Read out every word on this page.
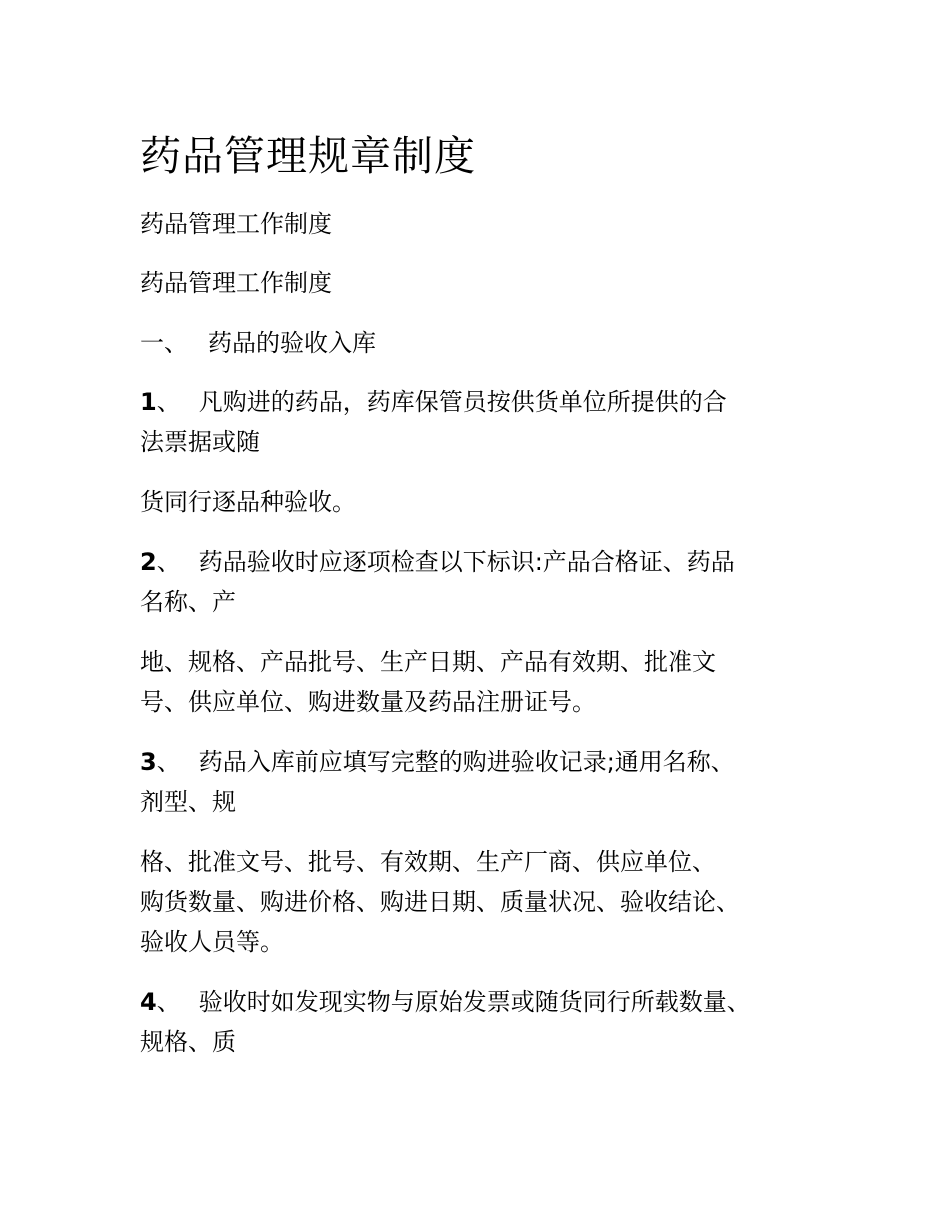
药品管理规章制度
药品管理工作制度
药品管理工作制度
一、 药品的验收入库
1、 凡购进的药品，药库保管员按供货单位所提供的合
法票据或随
货同行逐品种验收。
2、 药品验收时应逐项检查以下标识:产品合格证、药品
名称、产
地、规格、产品批号、生产日期、产品有效期、批准文
号、供应单位、购进数量及药品注册证号。
3、 药品入库前应填写完整的购进验收记录;通用名称、
剂型、规
格、批准文号、批号、有效期、生产厂商、供应单位、
购货数量、购进价格、购进日期、质量状况、验收结论、
验收人员等。
4、 验收时如发现实物与原始发票或随货同行所载数量、
规格、质
